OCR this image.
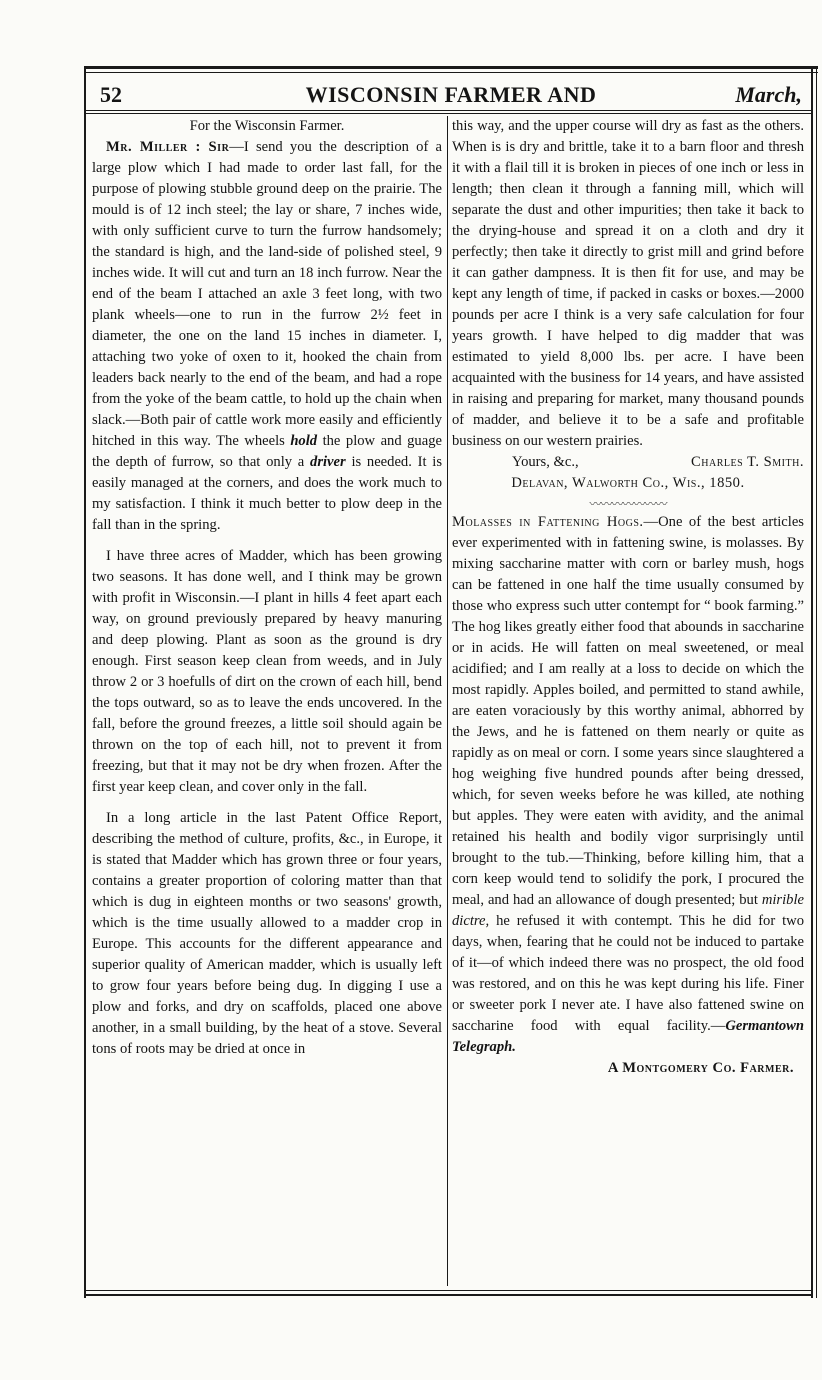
52	WISCONSIN FARMER AND	March,

For the Wisconsin Farmer.

Mr. Miller : Sir—I send you the description of a large plow which I had made to order last fall, for the purpose of plowing stubble ground deep on the prairie. The mould is of 12 inch steel; the lay or share, 7 inches wide, with only sufficient curve to turn the furrow handsomely; the standard is high, and the land-side of polished steel, 9 inches wide. It will cut and turn an 18 inch furrow. Near the end of the beam I attached an axle 3 feet long, with two plank wheels—one to run in the furrow 2½ feet in diameter, the one on the land 15 inches in diameter. I, attaching two yoke of oxen to it, hooked the chain from leaders back nearly to the end of the beam, and had a rope from the yoke of the beam cattle, to hold up the chain when slack.—Both pair of cattle work more easily and efficiently hitched in this way. The wheels hold the plow and guage the depth of furrow, so that only a driver is needed. It is easily managed at the corners, and does the work much to my satisfaction. I think it much better to plow deep in the fall than in the spring.

I have three acres of Madder, which has been growing two seasons. It has done well, and I think may be grown with profit in Wisconsin.—I plant in hills 4 feet apart each way, on ground previously prepared by heavy manuring and deep plowing. Plant as soon as the ground is dry enough. First season keep clean from weeds, and in July throw 2 or 3 hoefulls of dirt on the crown of each hill, bend the tops outward, so as to leave the ends uncovered. In the fall, before the ground freezes, a little soil should again be thrown on the top of each hill, not to prevent it from freezing, but that it may not be dry when frozen. After the first year keep clean, and cover only in the fall.

In a long article in the last Patent Office Report, describing the method of culture, profits, &c., in Europe, it is stated that Madder which has grown three or four years, contains a greater proportion of coloring matter than that which is dug in eighteen months or two seasons' growth, which is the time usually allowed to a madder crop in Europe. This accounts for the different appearance and superior quality of American madder, which is usually left to grow four years before being dug. In digging I use a plow and forks, and dry on scaffolds, placed one above another, in a small building, by the heat of a stove. Several tons of roots may be dried at once in

this way, and the upper course will dry as fast as the others. When is is dry and brittle, take it to a barn floor and thresh it with a flail till it is broken in pieces of one inch or less in length; then clean it through a fanning mill, which will separate the dust and other impurities; then take it back to the drying-house and spread it on a cloth and dry it perfectly; then take it directly to grist mill and grind before it can gather dampness. It is then fit for use, and may be kept any length of time, if packed in casks or boxes.—2000 pounds per acre I think is a very safe calculation for four years growth. I have helped to dig madder that was estimated to yield 8,000 lbs. per acre. I have been acquainted with the business for 14 years, and have assisted in raising and preparing for market, many thousand pounds of madder, and believe it to be a safe and profitable business on our western prairies.

Yours, &c.,	Charles T. Smith.

Delavan, Walworth Co., Wis., 1850.

〰〰〰〰〰〰〰

Molasses in Fattening Hogs.—One of the best articles ever experimented with in fattening swine, is molasses. By mixing saccharine matter with corn or barley mush, hogs can be fattened in one half the time usually consumed by those who express such utter contempt for “ book farming.” The hog likes greatly either food that abounds in saccharine or in acids. He will fatten on meal sweetened, or meal acidified; and I am really at a loss to decide on which the most rapidly. Apples boiled, and permitted to stand awhile, are eaten voraciously by this worthy animal, abhorred by the Jews, and he is fattened on them nearly or quite as rapidly as on meal or corn. I some years since slaughtered a hog weighing five hundred pounds after being dressed, which, for seven weeks before he was killed, ate nothing but apples. They were eaten with avidity, and the animal retained his health and bodily vigor surprisingly until brought to the tub.—Thinking, before killing him, that a corn keep would tend to solidify the pork, I procured the meal, and had an allowance of dough presented; but mirible dictre, he refused it with contempt. This he did for two days, when, fearing that he could not be induced to partake of it—of which indeed there was no prospect, the old food was restored, and on this he was kept during his life. Finer or sweeter pork I never ate. I have also fattened swine on saccharine food with equal facility.—Germantown Telegraph.

A Montgomery Co. Farmer.
